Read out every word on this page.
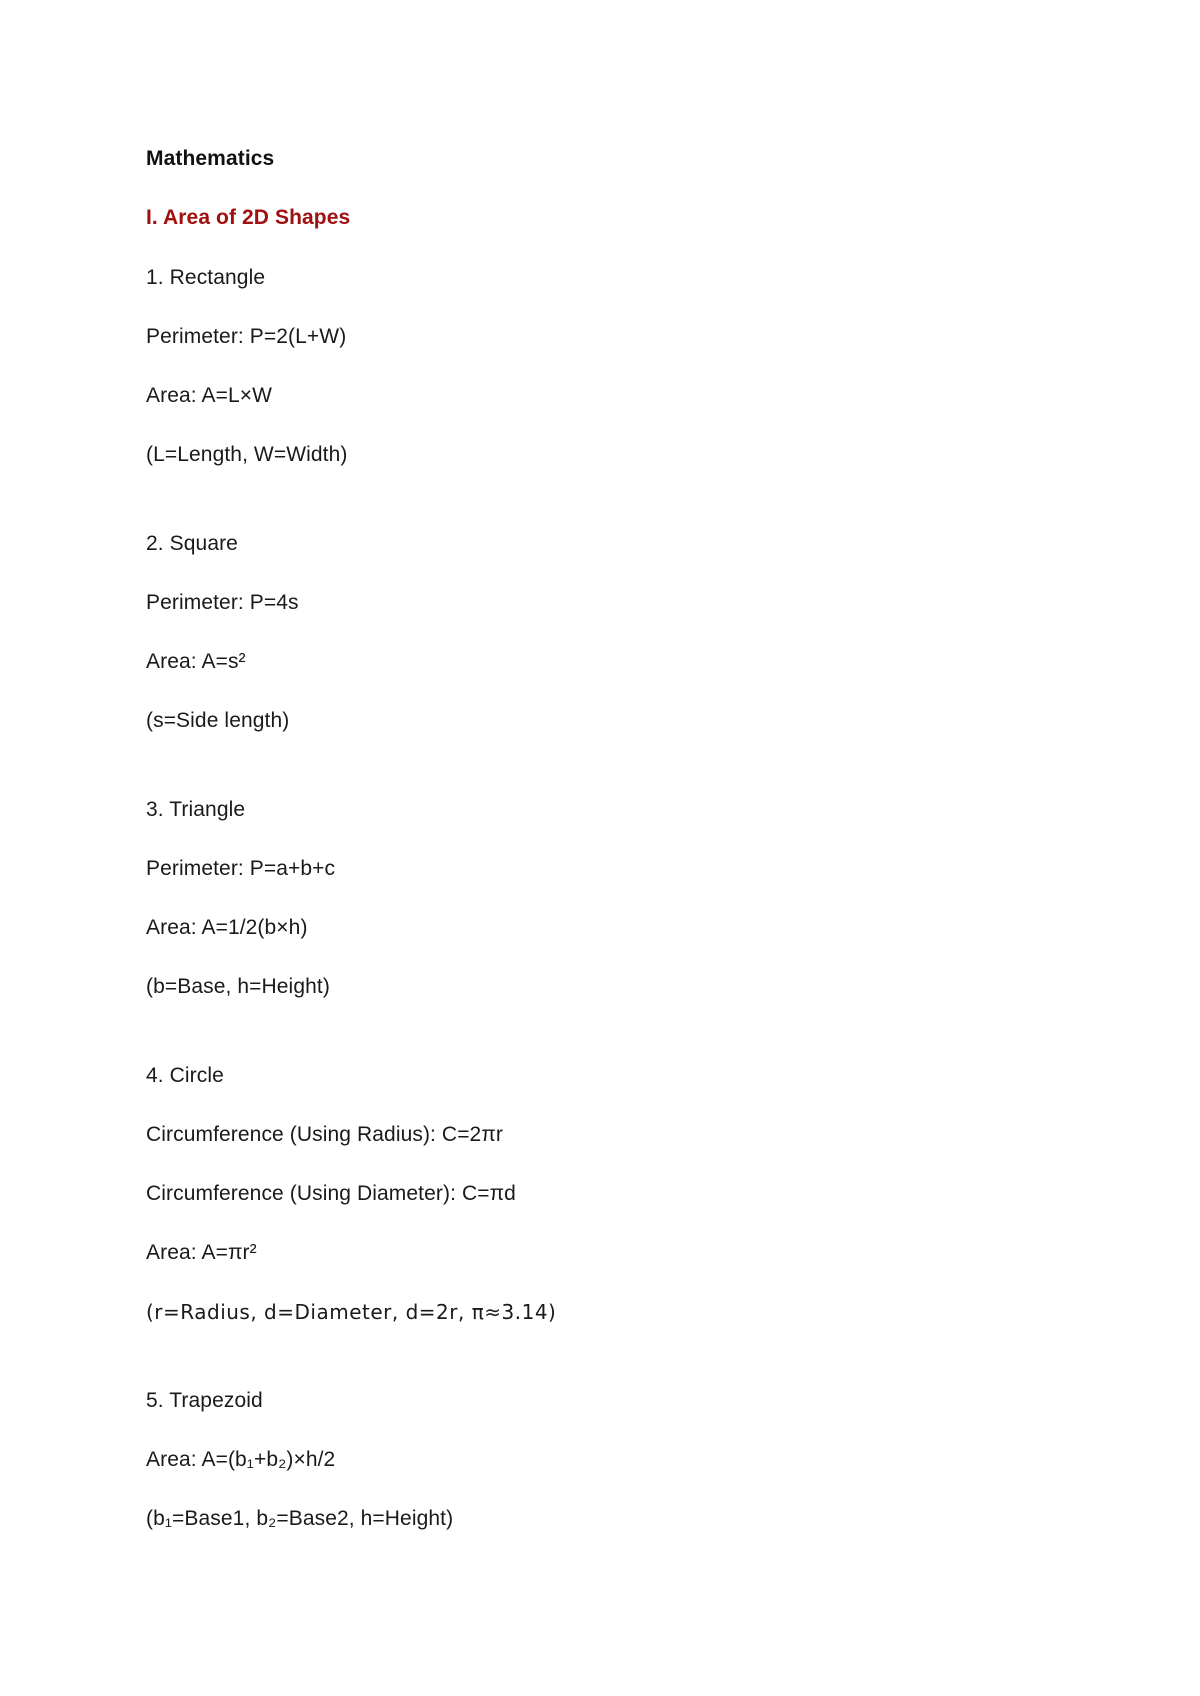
Mathematics
I. Area of 2D Shapes
1. Rectangle
Perimeter: P=2(L+W)
Area: A=L×W
(L=Length, W=Width)
2. Square
Perimeter: P=4s
Area: A=s²
(s=Side length)
3. Triangle
Perimeter: P=a+b+c
Area: A=1/2(b×h)
(b=Base, h=Height)
4. Circle
Circumference (Using Radius): C=2πr
Circumference (Using Diameter): C=πd
Area: A=πr²
(r=Radius, d=Diameter, d=2r, π≈3.14)
5. Trapezoid
Area: A=(b₁+b₂)×h/2
(b₁=Base1, b₂=Base2, h=Height)
